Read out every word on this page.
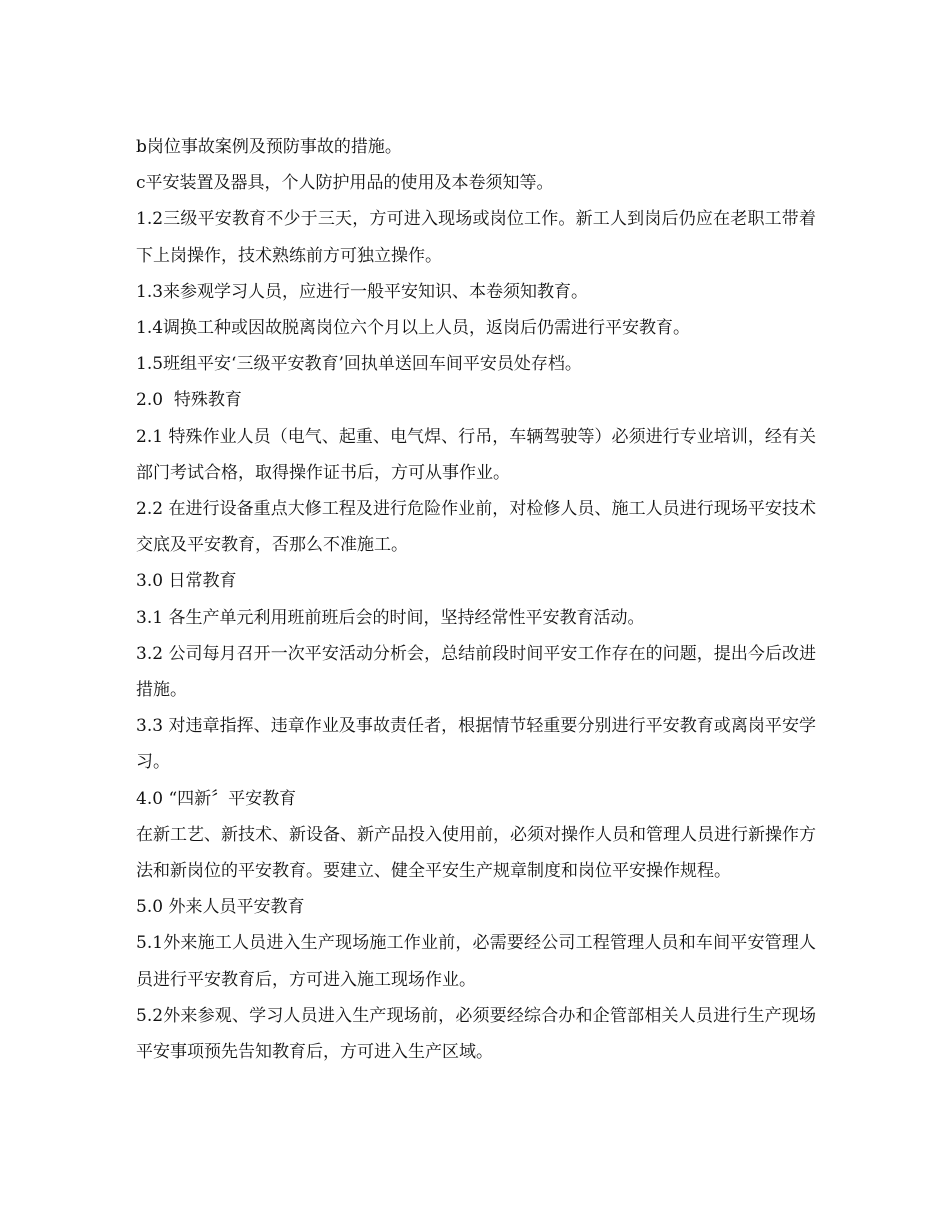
b岗位事故案例及预防事故的措施。

c平安装置及器具，个人防护用品的使用及本卷须知等。

1.2三级平安教育不少于三天，方可进入现场或岗位工作。新工人到岗后仍应在老职工带着下上岗操作，技术熟练前方可独立操作。

1.3来参观学习人员，应进行一般平安知识、本卷须知教育。

1.4调换工种或因故脱离岗位六个月以上人员，返岗后仍需进行平安教育。

1.5班组平安‘三级平安教育’回执单送回车间平安员处存档。

2.0  特殊教育

2.1 特殊作业人员（电气、起重、电气焊、行吊，车辆驾驶等）必须进行专业培训，经有关部门考试合格，取得操作证书后，方可从事作业。

2.2 在进行设备重点大修工程及进行危险作业前，对检修人员、施工人员进行现场平安技术交底及平安教育，否那么不准施工。

3.0 日常教育

3.1 各生产单元利用班前班后会的时间，坚持经常性平安教育活动。

3.2 公司每月召开一次平安活动分析会，总结前段时间平安工作存在的问题，提出今后改进措施。

3.3 对违章指挥、违章作业及事故责任者，根据情节轻重要分别进行平安教育或离岗平安学习。

4.0 “四新〞平安教育

在新工艺、新技术、新设备、新产品投入使用前，必须对操作人员和管理人员进行新操作方法和新岗位的平安教育。要建立、健全平安生产规章制度和岗位平安操作规程。

5.0 外来人员平安教育

5.1外来施工人员进入生产现场施工作业前，必需要经公司工程管理人员和车间平安管理人员进行平安教育后，方可进入施工现场作业。

5.2外来参观、学习人员进入生产现场前，必须要经综合办和企管部相关人员进行生产现场平安事项预先告知教育后，方可进入生产区域。
